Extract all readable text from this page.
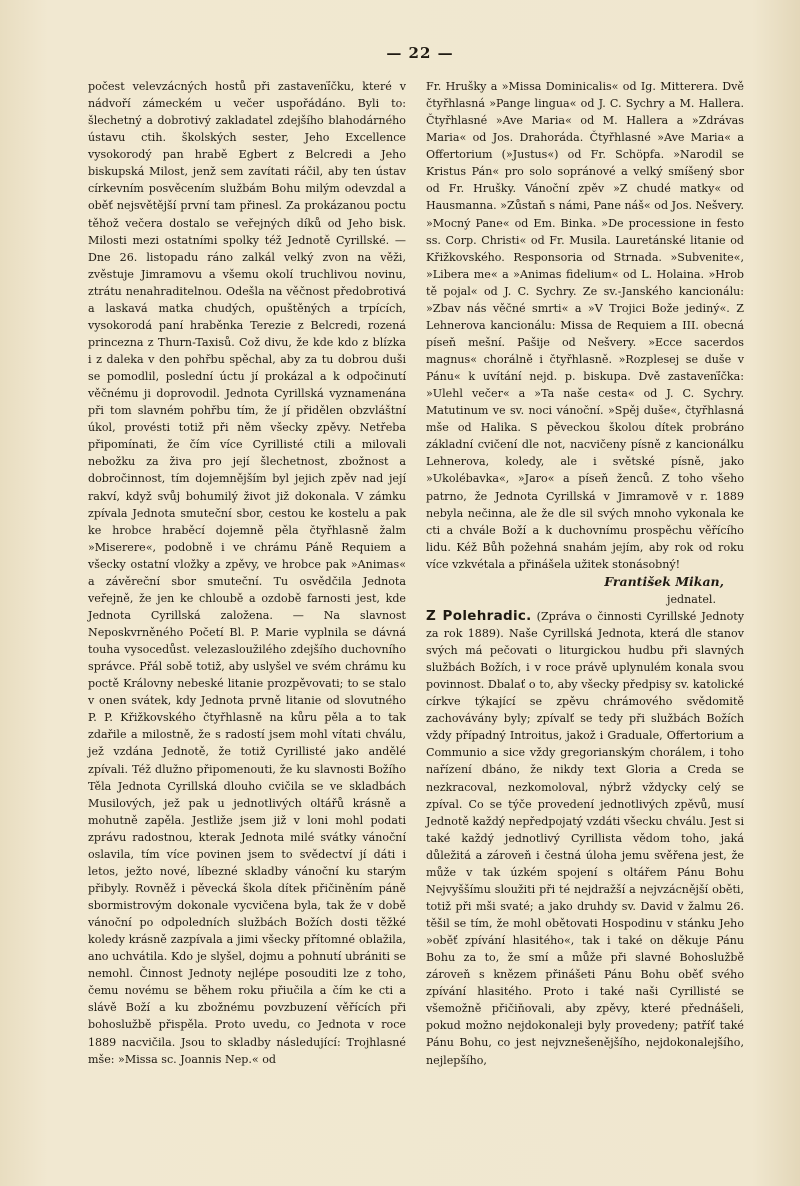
— 22 —

počest velevzácných hostů při zastavení̈čku, které v nádvoří zámeckém u večer uspořádáno. Byli to: šlechetný a dobrotivý zakladatel zdejšího blahodárného ústavu ctih. školských sester, Jeho Excellence vysokorodý pan hrabě Egbert z Belcredi a Jeho biskupská Milost, jenž sem zavítati ráčil, aby ten ústav církevním posvěcením službám Bohu milým odevzdal a oběť nejsvětější první tam přinesl. Za prokázanou poctu těhož večera dostalo se veřejných díků od Jeho bisk. Milosti mezi ostatními spolky též Jednotě Cyrillské. — Dne 26. listopadu ráno zalkál velký zvon na věži, zvěstuje Jimramovu a všemu okolí truchlivou novinu, ztrátu nenahraditelnou. Odešla na věčnost předobrotivá a laskavá matka chudých, opuštěných a trpících, vysokorodá paní hraběnka Terezie z Belcredi, rozená princezna z Thurn-Taxisů. Což divu, že kde kdo z blízka i z daleka v den pohřbu spěchal, aby za tu dobrou duši se pomodlil, poslední úctu jí prokázal a k odpočinutí věčnému ji doprovodil. Jednota Cyrillská vyznamenána při tom slavném pohřbu tím, že jí přidělen obzvláštní úkol, provésti totiž při něm všecky zpěvy. Netřeba připomínati, že čím více Cyrillisté ctili a milovali nebožku za živa pro její šlechetnost, zbožnost a dobročinnost, tím dojemnějším byl jejich zpěv nad její rakví, když svůj bohumilý život již dokonala. V zámku zpívala Jednota smuteční sbor, cestou ke kostelu a pak ke hrobce hraběcí dojemně pěla čtyřhlasně žalm »Miserere«, podobně i ve chrámu Páně Requiem a všecky ostatní vložky a zpěvy, ve hrobce pak »Animas« a závěreční sbor smuteční. Tu osvědčila Jednota veřejně, že jen ke chloubě a ozdobě farnosti jest, kde Jednota Cyrillská založena. — Na slavnost Neposkvrněného Početí Bl. P. Marie vyplnila se dávná touha vysocedůst. velezasloužilého zdejšího duchovního správce. Přál sobě totiž, aby uslyšel ve svém chrámu ku poctě Královny nebeské litanie prozpěvovati; to se stalo v onen svátek, kdy Jednota prvně litanie od slovutného P. P. Křižkovského čtyřhlasně na kůru pěla a to tak zdařile a milostně, že s radostí jsem mohl vítati chválu, jež vzdána Jednotě, že totiž Cyrillisté jako andělé zpívali. Též dlužno připomenouti, že ku slavnosti Božího Těla Jednota Cyrillská dlouho cvičila se ve skladbách Musilových, jež pak u jednotlivých oltářů krásně a mohutně zapěla. Jestliže jsem již v loni mohl podati zprávu radostnou, kterak Jednota milé svátky vánoční oslavila, tím více povinen jsem to svědectví jí dáti i letos, ježto nové, líbezné skladby vánoční ku starým přibyly. Rovněž i pěvecká škola dítek přičiněním páně sbormistrovým dokonale vycvičena byla, tak že v době vánoční po odpoledních službách Božích dosti těžké koledy krásně zazpívala a jimi všecky přítomné oblažila, ano uchvátila. Kdo je slyšel, dojmu a pohnutí ubrániti se nemohl. Činnost Jednoty nejlépe posouditi lze z toho, čemu novému se během roku přiučila a čím ke cti a slávě Boží a ku zbožnému povzbuzení věřících při bohoslužbě přispěla. Proto uvedu, co Jednota v roce 1889 nacvičila. Jsou to skladby následující: Trojhlasné mše: »Missa sc. Joannis Nep.« od

Fr. Hrušky a »Missa Dominicalis« od Ig. Mitterera. Dvě čtyřhlasná »Pange lingua« od J. C. Sychry a M. Hallera. Čtyřhlasné »Ave Maria« od M. Hallera a »Zdrávas Maria« od Jos. Drahoráda. Čtyřhlasné »Ave Maria« a Offertorium (»Justus«) od Fr. Schöpfa. »Narodil se Kristus Pán« pro solo sopránové a velký smíšený sbor od Fr. Hrušky. Vánoční zpěv »Z chudé matky« od Hausmanna. »Zůstaň s námi, Pane náš« od Jos. Nešvery. »Mocný Pane« od Em. Binka. »De processione in festo ss. Corp. Christi« od Fr. Musila. Lauretánské litanie od Křižkovského. Responsoria od Strnada. »Subvenite«, »Libera me« a »Animas fidelium« od L. Holaina. »Hrob tě pojal« od J. C. Sychry. Ze sv.-Janského kancionálu: »Zbav nás věčné smrti« a »V Trojici Bože jediný«. Z Lehnerova kancionálu: Missa de Requiem a III. obecná píseň mešní. Pašije od Nešvery. »Ecce sacerdos magnus« chorálně i čtyřhlasně. »Rozplesej se duše v Pánu« k uvítání nejd. p. biskupa. Dvě zastavení̈čka: »Ulehl večer« a »Ta naše cesta« od J. C. Sychry. Matutinum ve sv. noci vánoční. »Spěj duše«, čtyřhlasná mše od Halika. S pěveckou školou dítek probráno základní cvičení dle not, nacvičeny písně z kancionálku Lehnerova, koledy, ale i světské písně, jako »Ukolébavka«, »Jaro« a píseň ženců. Z toho všeho patrno, že Jednota Cyrillská v Jimramově v r. 1889 nebyla nečinna, ale že dle sil svých mnoho vykonala ke cti a chvále Boží a k duchovnímu prospěchu věřícího lidu. Kéž Bůh požehná snahám jejím, aby rok od roku více vzkvétala a přinášela užitek stonásobný!

František Mikan,
jednatel.

Z Polehradic. (Zpráva o činnosti Cyrillské Jednoty za rok 1889). Naše Cyrillská Jednota, která dle stanov svých má pečovati o liturgickou hudbu při slavných službách Božích, i v roce právě uplynulém konala svou povinnost. Dbalať o to, aby všecky předpisy sv. katolické církve týkající se zpěvu chrámového svědomitě zachovávány byly; zpívalť se tedy při službách Božích vždy případný Introitus, jakož i Graduale, Offertorium a Communio a sice vždy gregorianským chorálem, i toho nařízení dbáno, že nikdy text Gloria a Creda se nezkracoval, nezkomoloval, nýbrž vždycky celý se zpíval. Co se týče provedení jednotlivých zpěvů, musí Jednotě každý nepředpojatý vzdáti všecku chválu. Jest si také každý jednotlivý Cyrillista vědom toho, jaká důležitá a zároveň i čestná úloha jemu svěřena jest, že může v tak úzkém spojení s oltářem Pánu Bohu Nejvyššímu sloužiti při té nejdražší a nejvzácnější oběti, totiž při mši svaté; a jako druhdy sv. David v žalmu 26. těšil se tím, že mohl obětovati Hospodinu v stánku Jeho »oběť zpívání hlasitého«, tak i také on děkuje Pánu Bohu za to, že smí a může při slavné Bohoslužbě zároveň s knězem přinášeti Pánu Bohu oběť svého zpívání hlasitého. Proto i také naši Cyrillisté se všemožně přičiňovali, aby zpěvy, které přednášeli, pokud možno nejdokonaleji byly provedeny; patříť také Pánu Bohu, co jest nejvznešenějšího, nejdokonalejšího, nejlepšího,
